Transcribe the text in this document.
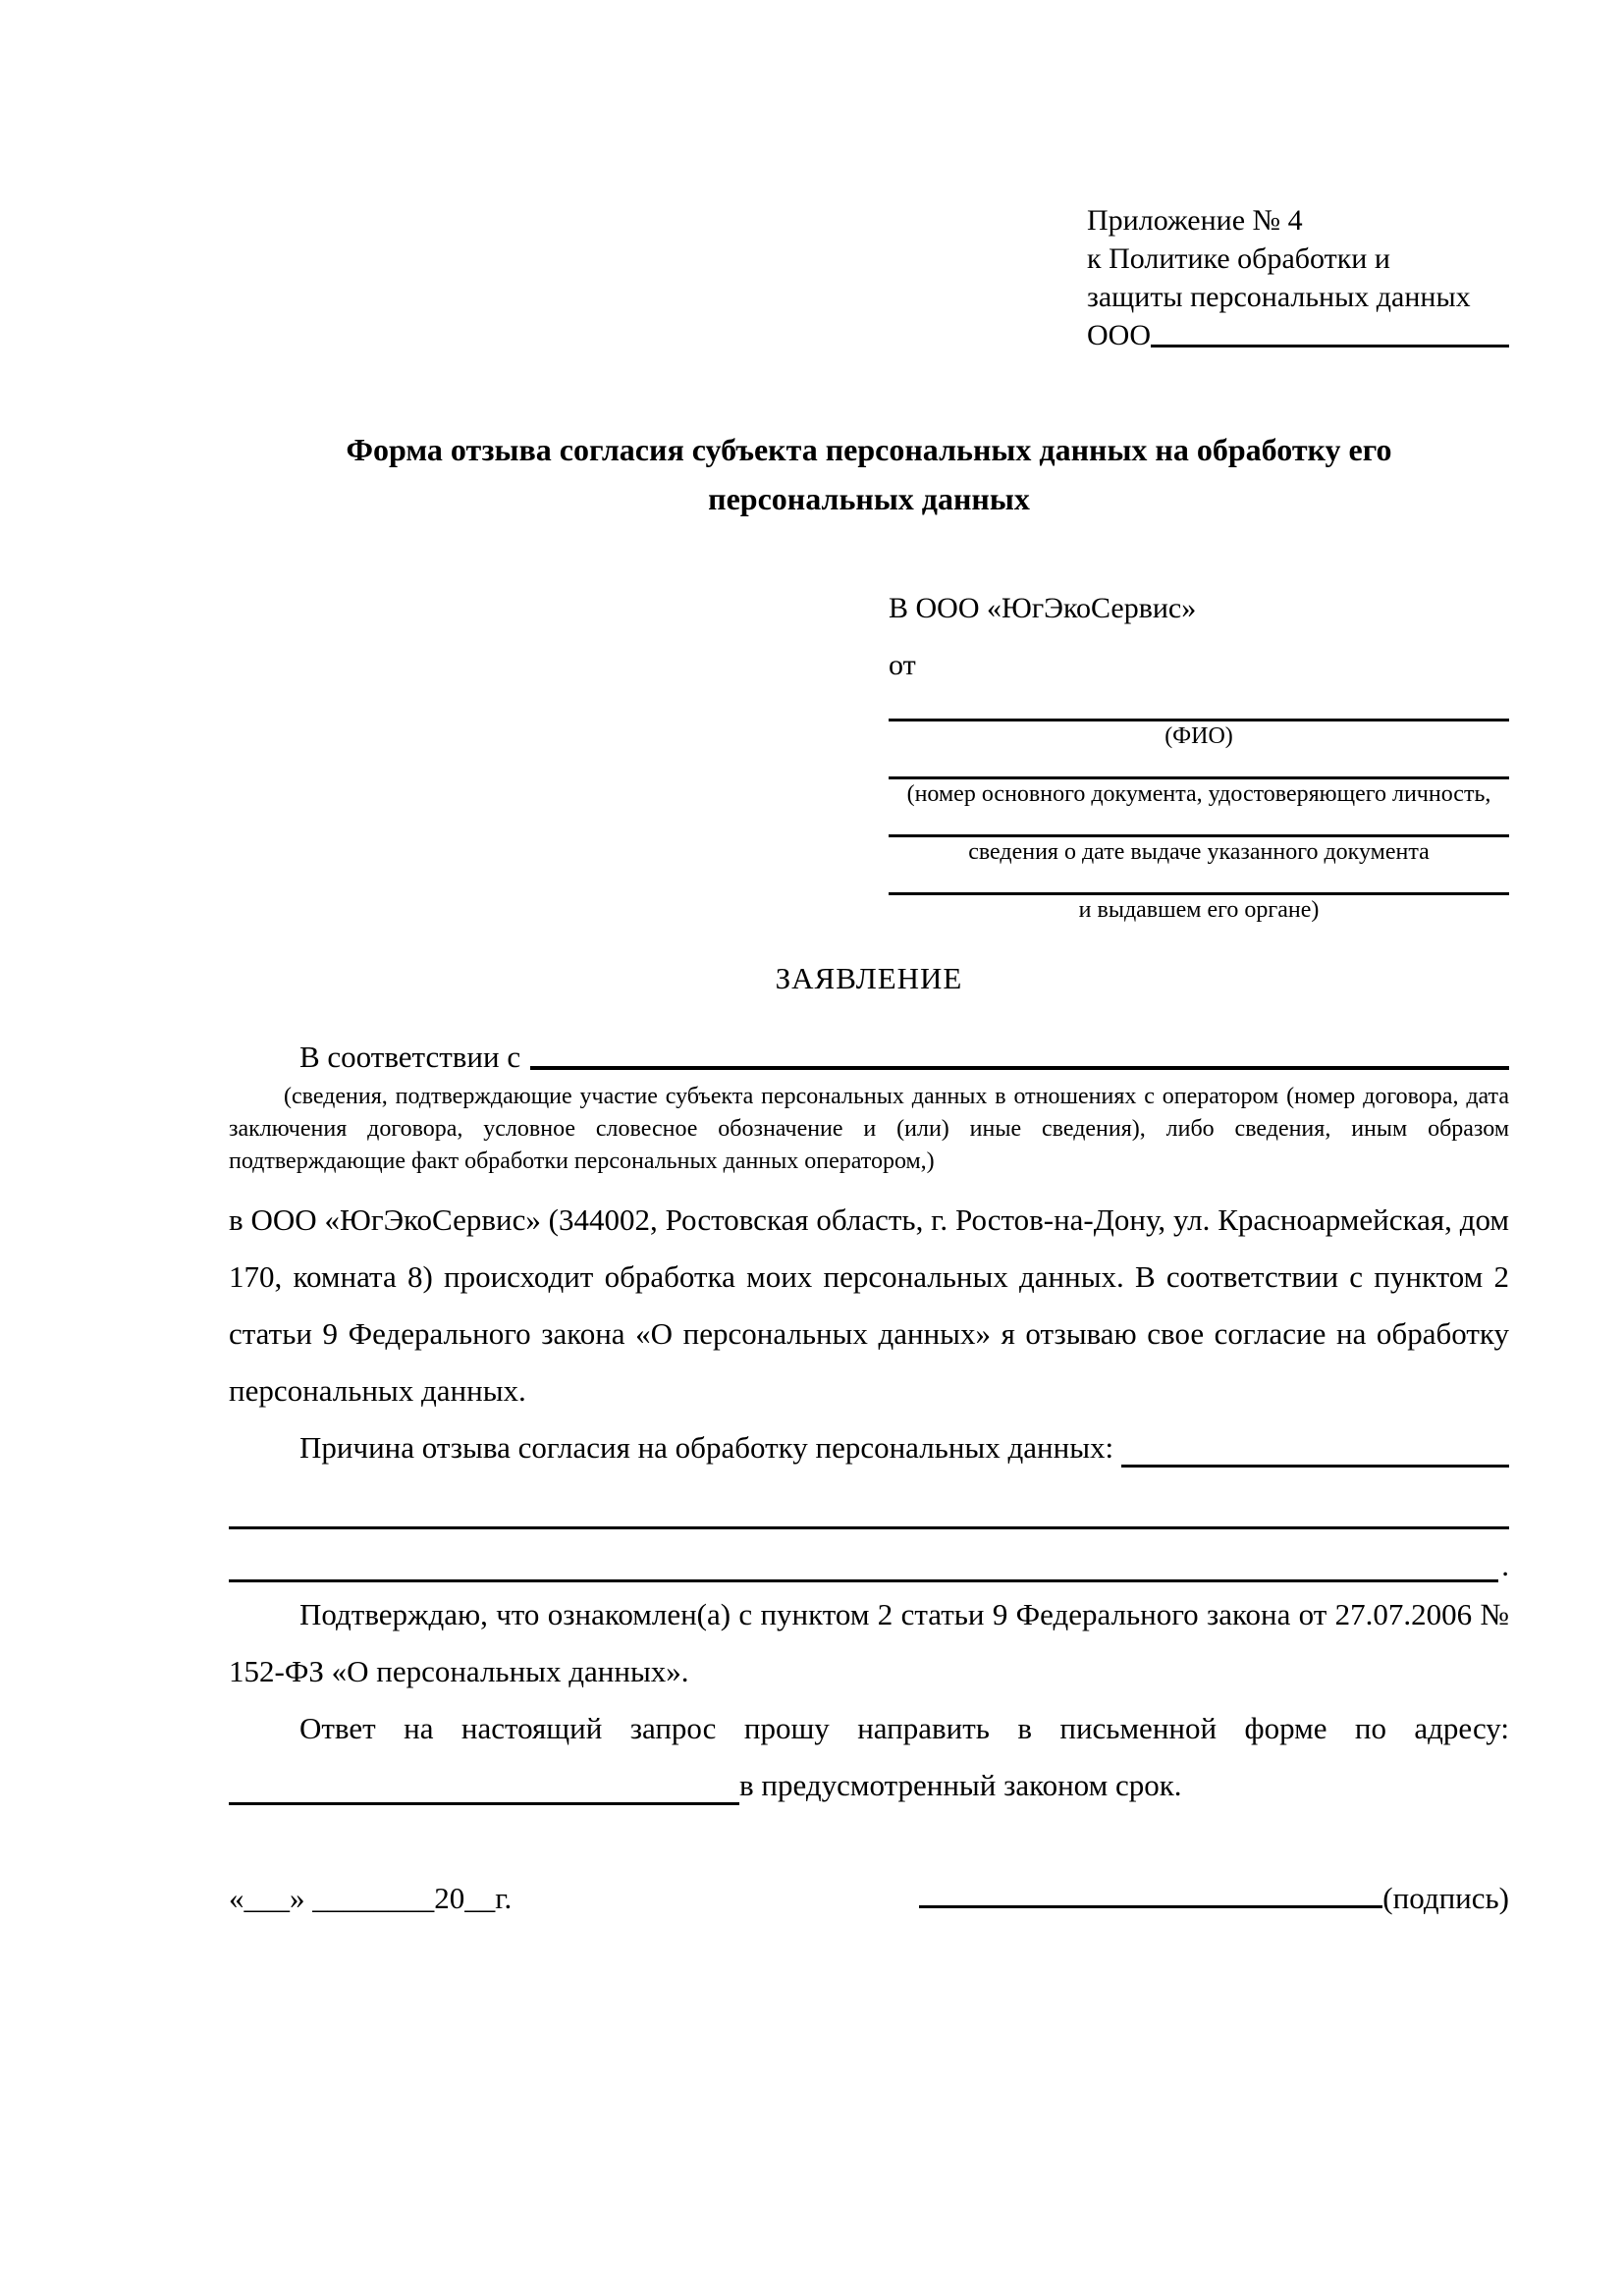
Приложение № 4
к Политике обработки и
защиты персональных данных
ООО
Форма отзыва согласия субъекта персональных данных на обработку его персональных данных
В ООО «ЮгЭкоСервис»
от
(ФИО)
(номер основного документа, удостоверяющего личность,
сведения о дате выдаче указанного документа
и выдавшем его органе)
ЗАЯВЛЕНИЕ
В соответствии с
(сведения, подтверждающие участие субъекта персональных данных в отношениях с оператором (номер договора, дата заключения договора, условное словесное обозначение и (или) иные сведения), либо сведения, иным образом подтверждающие факт обработки персональных данных оператором,)
в ООО «ЮгЭкоСервис» (344002, Ростовская область, г. Ростов-на-Дону, ул. Красноармейская, дом 170, комната 8) происходит обработка моих персональных данных. В соответствии с пунктом 2 статьи 9 Федерального закона «О персональных данных» я отзываю свое согласие на обработку персональных данных.
Причина отзыва согласия на обработку персональных данных:
.
Подтверждаю, что ознакомлен(а) с пунктом 2 статьи 9 Федерального закона от 27.07.2006 № 152-ФЗ «О персональных данных».
Ответ на настоящий запрос прошу направить в письменной форме по адресу:
в предусмотренный законом срок.
«___» ________20__г.	(подпись)
